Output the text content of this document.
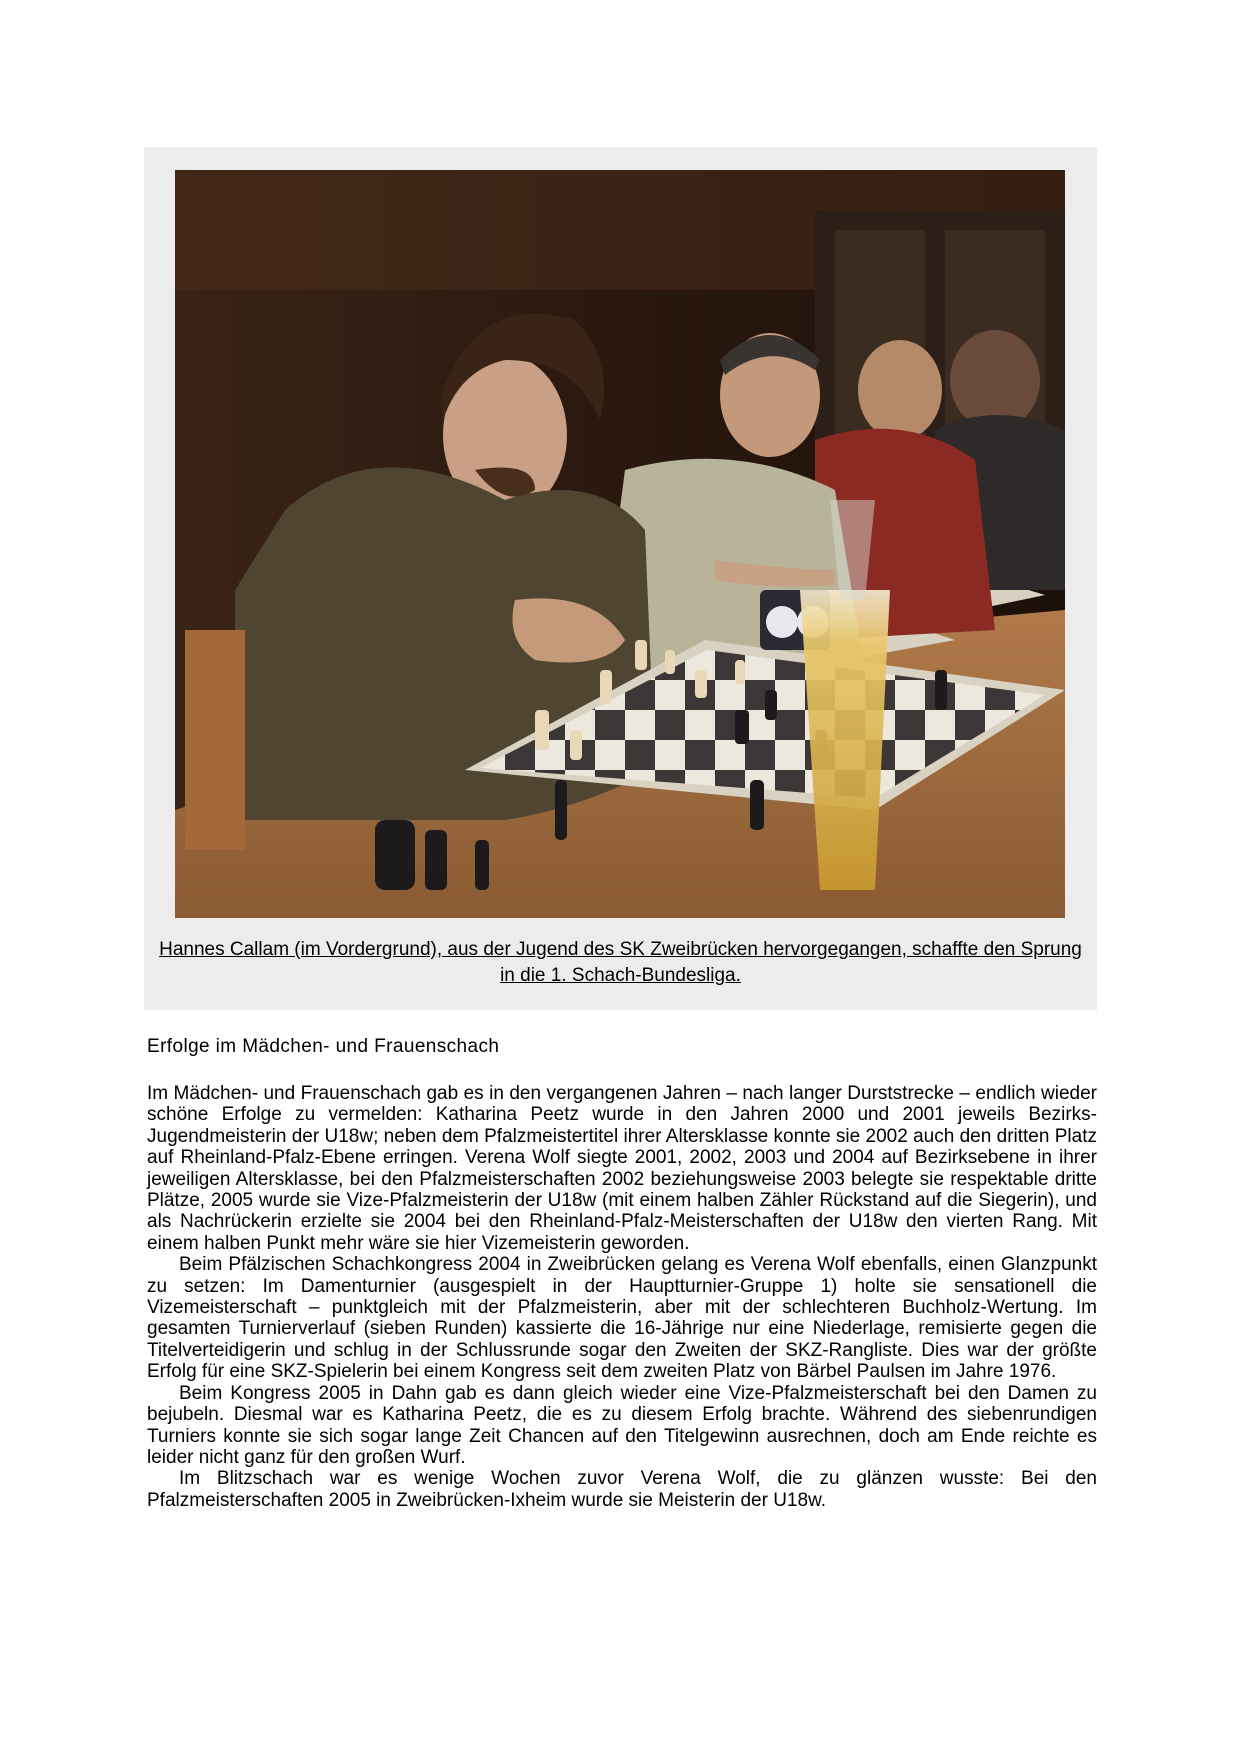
Hannes Callam (im Vordergrund), aus der Jugend des SK Zweibrücken hervorgegangen, schaffte den Sprung in die 1. Schach-Bundesliga.
Erfolge im Mädchen- und Frauenschach

Im Mädchen- und Frauenschach gab es in den vergangenen Jahren – nach langer Durststrecke – endlich wieder schöne Erfolge zu vermelden: Katharina Peetz wurde in den Jahren 2000 und 2001 jeweils Bezirks-Jugendmeisterin der U18w; neben dem Pfalzmeistertitel ihrer Altersklasse konnte sie 2002 auch den dritten Platz auf Rheinland-Pfalz-Ebene erringen. Verena Wolf siegte 2001, 2002, 2003 und 2004 auf Bezirksebene in ihrer jeweiligen Altersklasse, bei den Pfalzmeisterschaften 2002 beziehungsweise 2003 belegte sie respektable dritte Plätze, 2005 wurde sie Vize-Pfalzmeisterin der U18w (mit einem halben Zähler Rückstand auf die Siegerin), und als Nachrückerin erzielte sie 2004 bei den Rheinland-Pfalz-Meisterschaften der U18w den vierten Rang. Mit einem halben Punkt mehr wäre sie hier Vizemeisterin geworden.

Beim Pfälzischen Schachkongress 2004 in Zweibrücken gelang es Verena Wolf ebenfalls, einen Glanzpunkt zu setzen: Im Damenturnier (ausgespielt in der Hauptturnier-Gruppe 1) holte sie sensationell die Vizemeisterschaft – punktgleich mit der Pfalzmeisterin, aber mit der schlechteren Buchholz-Wertung. Im gesamten Turnierverlauf (sieben Runden) kassierte die 16-Jährige nur eine Niederlage, remisierte gegen die Titelverteidigerin und schlug in der Schlussrunde sogar den Zweiten der SKZ-Rangliste. Dies war der größte Erfolg für eine SKZ-Spielerin bei einem Kongress seit dem zweiten Platz von Bärbel Paulsen im Jahre 1976.

Beim Kongress 2005 in Dahn gab es dann gleich wieder eine Vize-Pfalzmeisterschaft bei den Damen zu bejubeln. Diesmal war es Katharina Peetz, die es zu diesem Erfolg brachte. Während des siebenrundigen Turniers konnte sie sich sogar lange Zeit Chancen auf den Titelgewinn ausrechnen, doch am Ende reichte es leider nicht ganz für den großen Wurf.

Im Blitzschach war es wenige Wochen zuvor Verena Wolf, die zu glänzen wusste: Bei den Pfalzmeisterschaften 2005 in Zweibrücken-Ixheim wurde sie Meisterin der U18w.
